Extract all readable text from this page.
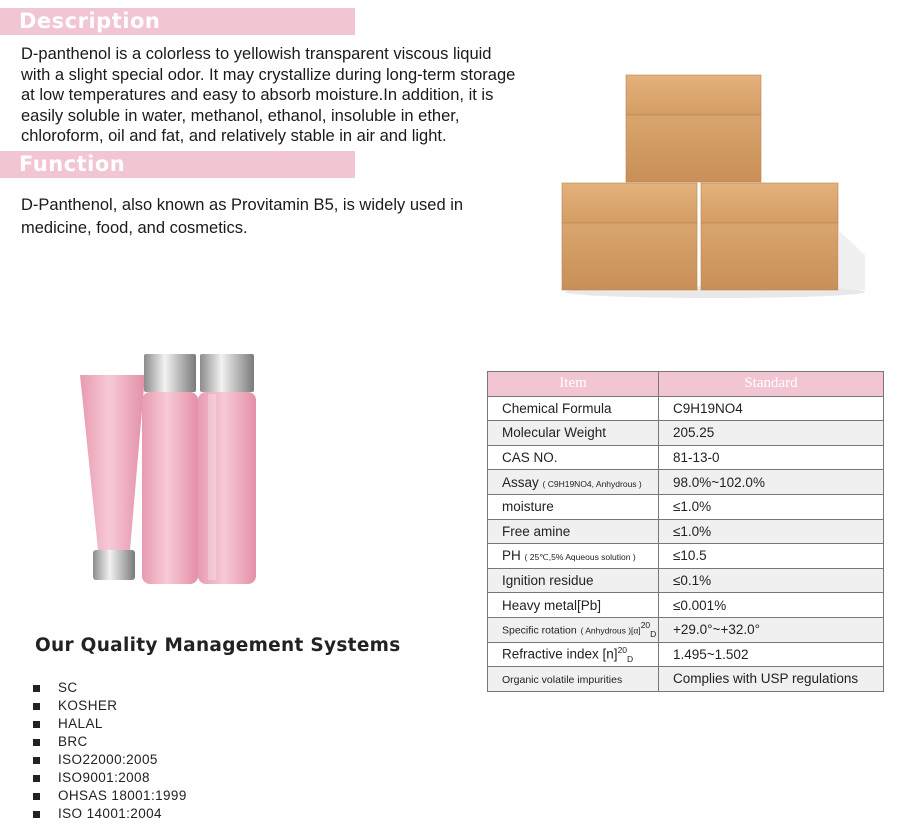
Description
D-panthenol is a colorless to yellowish transparent viscous liquid
with a slight special odor. It may crystallize during long-term storage
at low temperatures and easy to absorb moisture.In addition, it is
easily soluble in water, methanol, ethanol, insoluble in ether,
chloroform, oil and fat, and relatively stable in air and light.
Function
D-Panthenol, also known as Provitamin B5, is widely used in
medicine, food, and cosmetics.
Our Quality Management Systems
SC
KOSHER
HALAL
BRC
ISO22000:2005
ISO9001:2008
OHSAS 18001:1999
ISO 14001:2004
Item	Standard
Chemical Formula	C9H19NO4
Molecular Weight	205.25
CAS NO.	81-13-0
Assay ( C9H19NO4, Anhydrous )	98.0%~102.0%
moisture	≤1.0%
Free amine	≤1.0%
PH ( 25℃,5% Aqueous solution )	≤10.5
Ignition residue	≤0.1%
Heavy metal[Pb]	≤0.001%
Specific rotation ( Anhydrous )$[\alpha]^{20}_D$	+29.0°~+32.0°
Refractive index $[n]^{20}_D$	1.495~1.502
Organic volatile impurities	Complies with USP regulations
